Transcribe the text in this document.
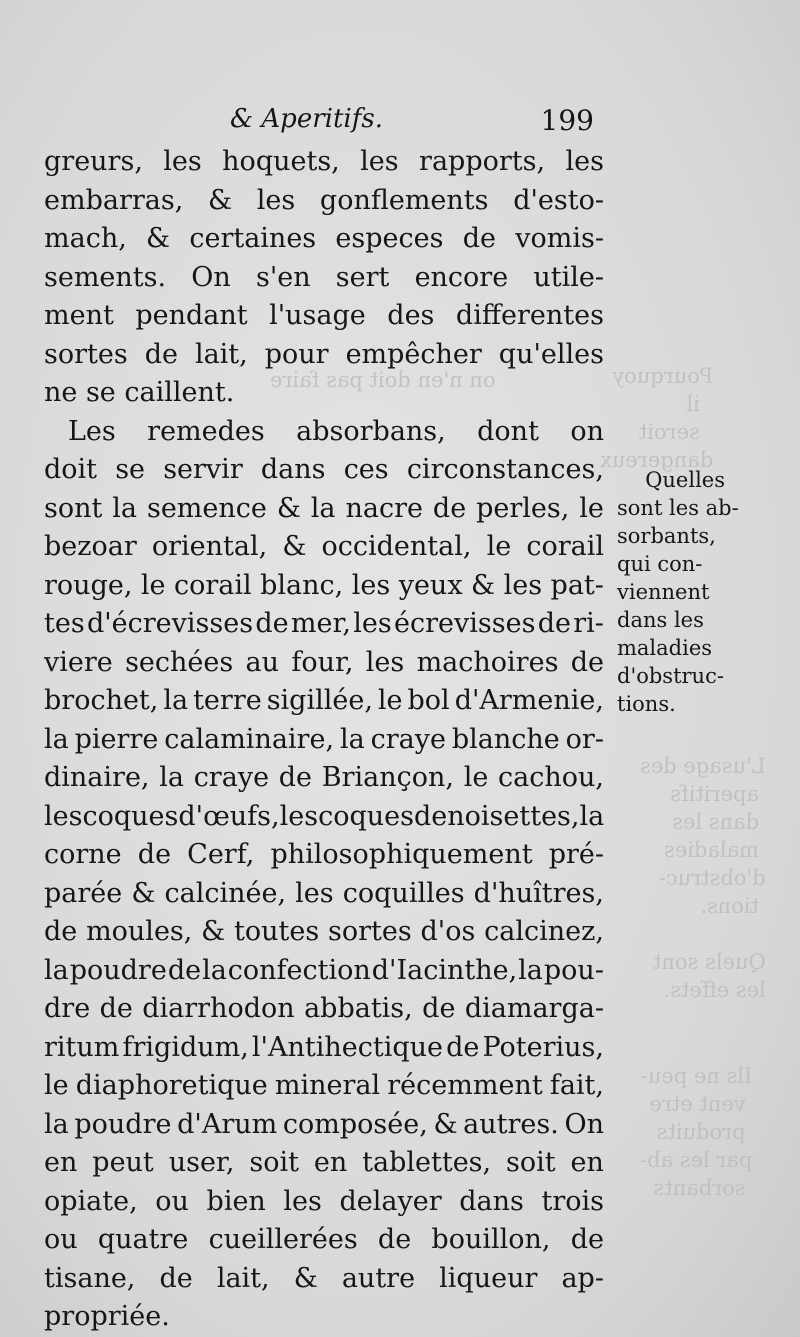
Pourquoy
il
seroit
dangereux
on n'en doit pas faire
L'usage des
aperitifs
dans les
maladies
d'obstruc-
tions.

Quels sont
les effets.
Ils ne peu-
vent etre
produits
par les ab-
sorbants
& Aperitifs.	199
greurs, les hoquets, les rapports, les
embarras, & les gonflements d'esto-
mach, & certaines especes de vomis-
sements. On s'en sert encore utile-
ment pendant l'usage des differentes
sortes de lait, pour empêcher qu'elles
ne se caillent.
Les remedes absorbans, dont on
doit se servir dans ces circonstances,
sont la semence & la nacre de perles, le
bezoar oriental, & occidental, le corail
rouge, le corail blanc, les yeux & les pat-
tes d'écrevisses de mer, les écrevisses de ri-
viere sechées au four, les machoires de
brochet, la terre sigillée, le bol d'Armenie,
la pierre calaminaire, la craye blanche or-
dinaire, la craye de Briançon, le cachou,
les coques d'œufs, les coques de noisettes, la
corne de Cerf, philosophiquement pré-
parée & calcinée, les coquilles d'huîtres,
de moules, & toutes sortes d'os calcinez,
la poudre de la confection d'Iacinthe, la pou-
dre de diarrhodon abbatis, de diamarga-
ritum frigidum, l'Antihectique de Poterius,
le diaphoretique mineral récemment fait,
la poudre d'Arum composée, & autres. On
en peut user, soit en tablettes, soit en
opiate, ou bien les delayer dans trois
ou quatre cueillerées de bouillon, de
tisane, de lait, & autre liqueur ap-
propriée.
Quelles
sont les ab-
sorbants,
qui con-
viennent
dans les
maladies
d'obstruc-
tions.
